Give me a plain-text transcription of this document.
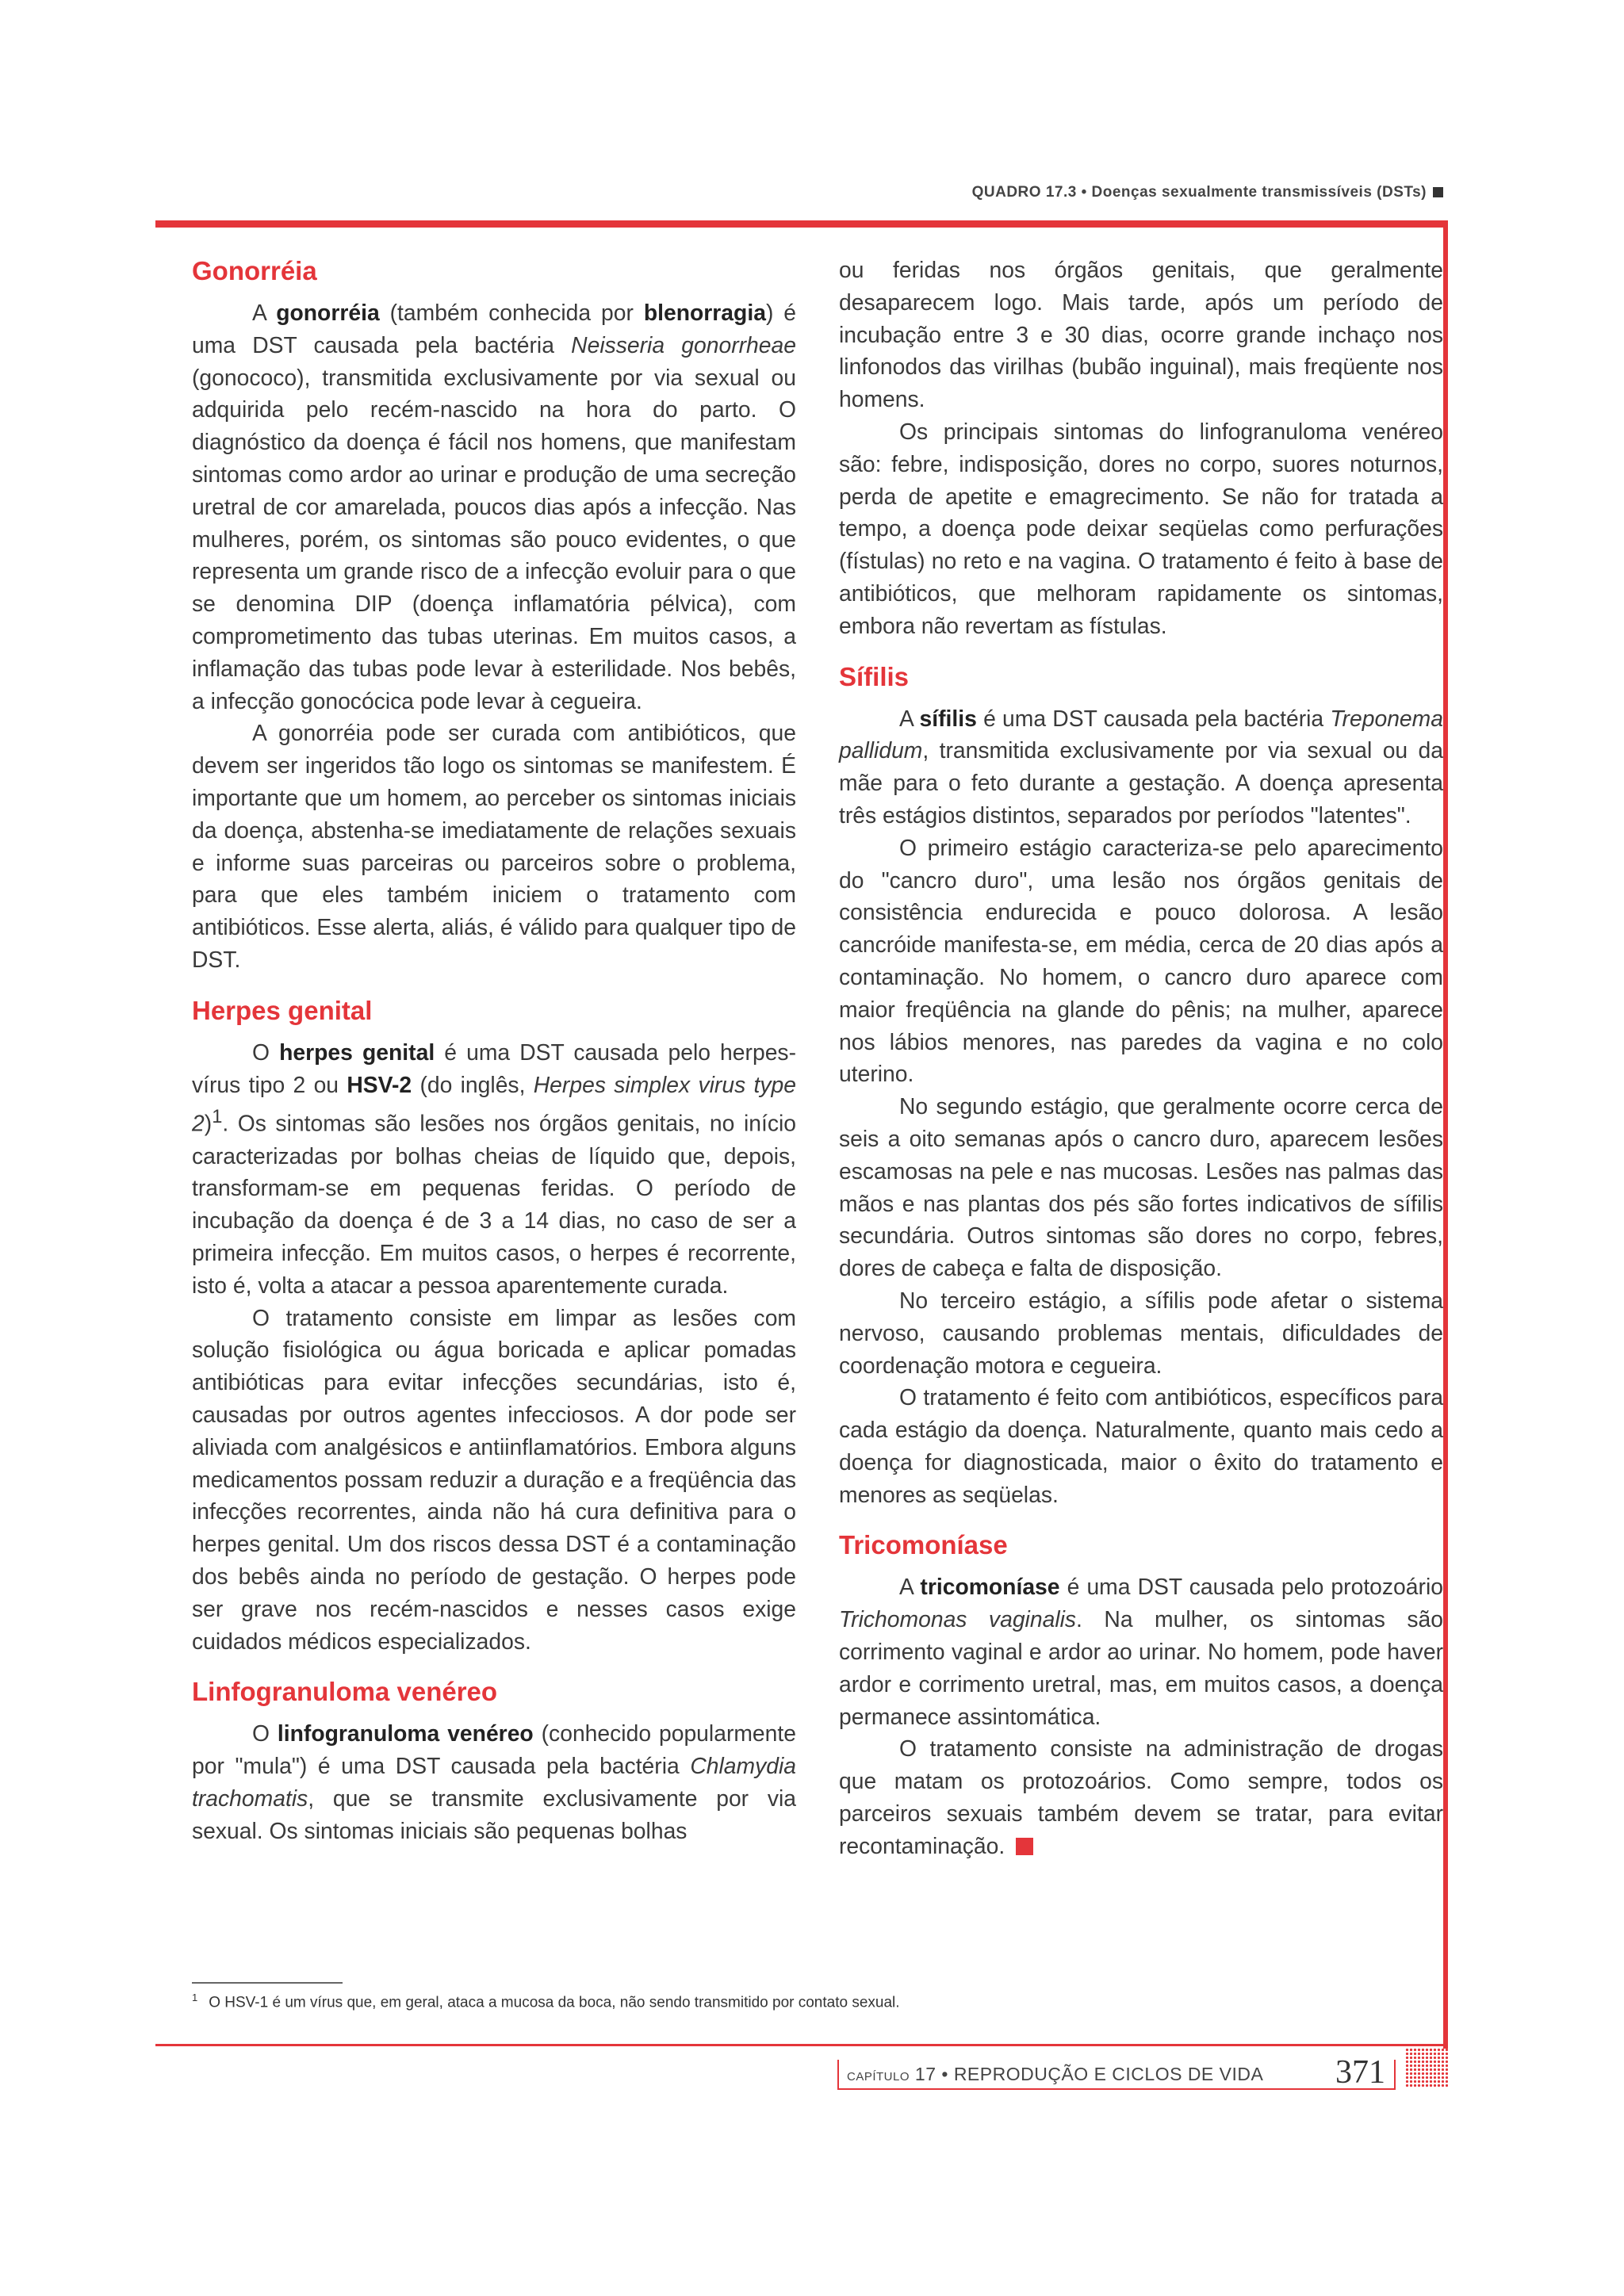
QUADRO 17.3 • Doenças sexualmente transmissíveis (DSTs)
Gonorréia

A gonorréia (também conhecida por blenorragia) é uma DST causada pela bactéria Neisseria gonorrheae (gonococo), transmitida exclusivamente por via sexual ou adquirida pelo recém-nascido na hora do parto. O diagnóstico da doença é fácil nos homens, que manifestam sintomas como ardor ao urinar e produção de uma secreção uretral de cor amarelada, poucos dias após a infecção. Nas mulheres, porém, os sintomas são pouco evidentes, o que representa um grande risco de a infecção evoluir para o que se denomina DIP (doença inflamatória pélvica), com comprometimento das tubas uterinas. Em muitos casos, a inflamação das tubas pode levar à esterilidade. Nos bebês, a infecção gonocócica pode levar à cegueira.

A gonorréia pode ser curada com antibióticos, que devem ser ingeridos tão logo os sintomas se manifestem. É importante que um homem, ao perceber os sintomas iniciais da doença, abstenha-se imediatamente de relações sexuais e informe suas parceiras ou parceiros sobre o problema, para que eles também iniciem o tratamento com antibióticos. Esse alerta, aliás, é válido para qualquer tipo de DST.

Herpes genital

O herpes genital é uma DST causada pelo herpes-vírus tipo 2 ou HSV-2 (do inglês, Herpes simplex virus type 2)$^1$. Os sintomas são lesões nos órgãos genitais, no início caracterizadas por bolhas cheias de líquido que, depois, transformam-se em pequenas feridas. O período de incubação da doença é de 3 a 14 dias, no caso de ser a primeira infecção. Em muitos casos, o herpes é recorrente, isto é, volta a atacar a pessoa aparentemente curada.

O tratamento consiste em limpar as lesões com solução fisiológica ou água boricada e aplicar pomadas antibióticas para evitar infecções secundárias, isto é, causadas por outros agentes infecciosos. A dor pode ser aliviada com analgésicos e antiinflamatórios. Embora alguns medicamentos possam reduzir a duração e a freqüência das infecções recorrentes, ainda não há cura definitiva para o herpes genital. Um dos riscos dessa DST é a contaminação dos bebês ainda no período de gestação. O herpes pode ser grave nos recém-nascidos e nesses casos exige cuidados médicos especializados.

Linfogranuloma venéreo

O linfogranuloma venéreo (conhecido popularmente por "mula") é uma DST causada pela bactéria Chlamydia trachomatis, que se transmite exclusivamente por via sexual. Os sintomas iniciais são pequenas bolhas

ou feridas nos órgãos genitais, que geralmente desaparecem logo. Mais tarde, após um período de incubação entre 3 e 30 dias, ocorre grande inchaço nos linfonodos das virilhas (bubão inguinal), mais freqüente nos homens.

Os principais sintomas do linfogranuloma venéreo são: febre, indisposição, dores no corpo, suores noturnos, perda de apetite e emagrecimento. Se não for tratada a tempo, a doença pode deixar seqüelas como perfurações (fístulas) no reto e na vagina. O tratamento é feito à base de antibióticos, que melhoram rapidamente os sintomas, embora não revertam as fístulas.

Sífilis

A sífilis é uma DST causada pela bactéria Treponema pallidum, transmitida exclusivamente por via sexual ou da mãe para o feto durante a gestação. A doença apresenta três estágios distintos, separados por períodos "latentes".

O primeiro estágio caracteriza-se pelo aparecimento do "cancro duro", uma lesão nos órgãos genitais de consistência endurecida e pouco dolorosa. A lesão cancróide manifesta-se, em média, cerca de 20 dias após a contaminação. No homem, o cancro duro aparece com maior freqüência na glande do pênis; na mulher, aparece nos lábios menores, nas paredes da vagina e no colo uterino.

No segundo estágio, que geralmente ocorre cerca de seis a oito semanas após o cancro duro, aparecem lesões escamosas na pele e nas mucosas. Lesões nas palmas das mãos e nas plantas dos pés são fortes indicativos de sífilis secundária. Outros sintomas são dores no corpo, febres, dores de cabeça e falta de disposição.

No terceiro estágio, a sífilis pode afetar o sistema nervoso, causando problemas mentais, dificuldades de coordenação motora e cegueira.

O tratamento é feito com antibióticos, específicos para cada estágio da doença. Naturalmente, quanto mais cedo a doença for diagnosticada, maior o êxito do tratamento e menores as seqüelas.

Tricomoníase

A tricomoníase é uma DST causada pelo protozoário Trichomonas vaginalis. Na mulher, os sintomas são corrimento vaginal e ardor ao urinar. No homem, pode haver ardor e corrimento uretral, mas, em muitos casos, a doença permanece assintomática.

O tratamento consiste na administração de drogas que matam os protozoários. Como sempre, todos os parceiros sexuais também devem se tratar, para evitar recontaminação.

$^1$ O HSV-1 é um vírus que, em geral, ataca a mucosa da boca, não sendo transmitido por contato sexual.
CAPÍTULO 17 • REPRODUÇÃO E CICLOS DE VIDA 371
